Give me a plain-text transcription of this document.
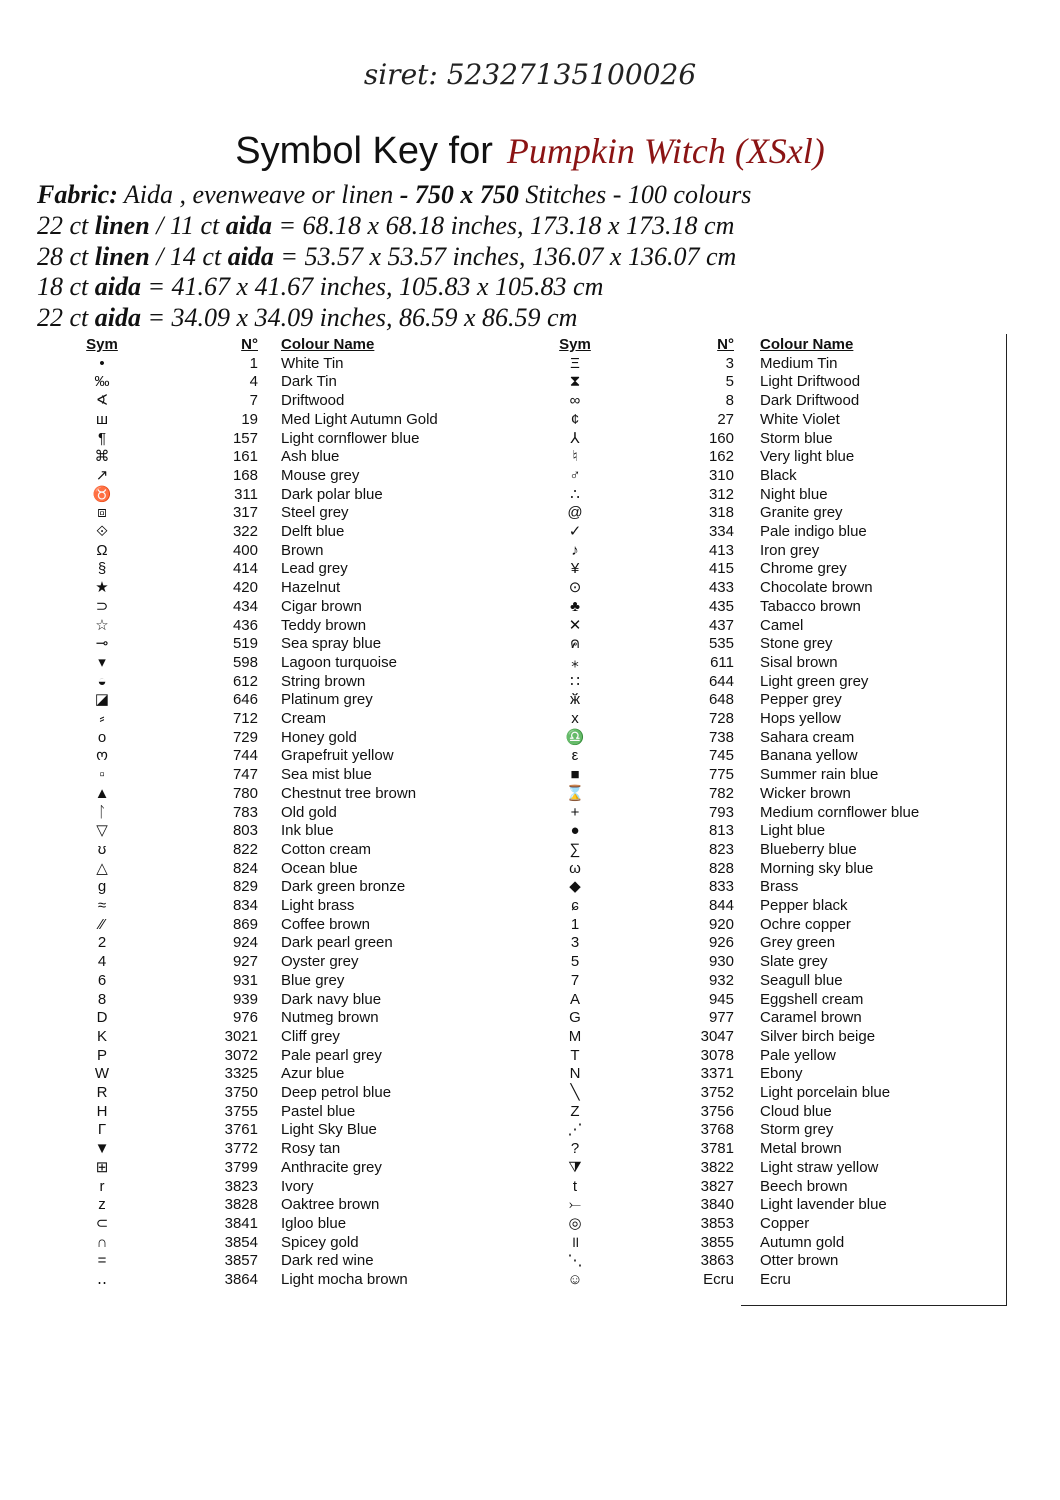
siret: 52327135100026
Symbol Key for Pumpkin Witch (XSxl)
Fabric: Aida , evenweave or linen - 750 x 750 Stitches - 100 colours
22 ct linen / 11 ct aida = 68.18 x 68.18 inches, 173.18 x 173.18 cm
28 ct linen / 14 ct aida = 53.57 x 53.57 inches, 136.07 x 136.07 cm
18 ct aida = 41.67 x 41.67 inches, 105.83 x 105.83 cm
22 ct aida = 34.09 x 34.09 inches, 86.59 x 86.59 cm
Sym	N° Colour Name	Sym	N° Colour Name
•	1 White Tin	Ξ	3 Medium Tin
‰	4 Dark Tin	⧗	5 Light Driftwood
∢	7 Driftwood	∞	8 Dark Driftwood
ш	19 Med Light Autumn Gold	¢	27 White Violet
¶	157 Light cornflower blue	⅄	160 Storm blue
⌘	161 Ash blue	♮	162 Very light blue
↗	168 Mouse grey	♂	310 Black
♉	311 Dark polar blue	∴	312 Night blue
⧈	317 Steel grey	@	318 Granite grey
⟐	322 Delft blue	✓	334 Pale indigo blue
Ω	400 Brown	♪	413 Iron grey
§	414 Lead grey	¥	415 Chrome grey
★	420 Hazelnut	⊙	433 Chocolate brown
⊃	434 Cigar brown	♣	435 Tabacco brown
☆	436 Teddy brown	✕	437 Camel
⊸	519 Sea spray blue	ค	535 Stone grey
▾	598 Lagoon turquoise	⁎	611 Sisal brown
◒	612 String brown	∷	644 Light green grey
◪	646 Platinum grey	ӂ	648 Pepper grey
⸗	712 Cream	x	728 Hops yellow
o	729 Honey gold	♎	738 Sahara cream
ო	744 Grapefruit yellow	ε	745 Banana yellow
▫	747 Sea mist blue	■	775 Summer rain blue
▲	780 Chestnut tree brown	⌛	782 Wicker brown
ᛚ	783 Old gold	+	793 Medium cornflower blue
▽	803 Ink blue	●	813 Light blue
ʊ	822 Cotton cream	∑	823 Blueberry blue
△	824 Ocean blue	ω	828 Morning sky blue
g	829 Dark green bronze	◆	833 Brass
≈	834 Light brass	ɕ	844 Pepper black
⁄⁄	869 Coffee brown	1	920 Ochre copper
2	924 Dark pearl green	3	926 Grey green
4	927 Oyster grey	5	930 Slate grey
6	931 Blue grey	7	932 Seagull blue
8	939 Dark navy blue	A	945 Eggshell cream
D	976 Nutmeg brown	G	977 Caramel brown
K	3021 Cliff grey	M	3047 Silver birch beige
P	3072 Pale pearl grey	T	3078 Pale yellow
W	3325 Azur blue	N	3371 Ebony
R	3750 Deep petrol blue	╲	3752 Light porcelain blue
H	3755 Pastel blue	Z	3756 Cloud blue
Γ	3761 Light Sky Blue	⋰	3768 Storm grey
▼	3772 Rosy tan	?	3781 Metal brown
⊞	3799 Anthracite grey	⧩	3822 Light straw yellow
r	3823 Ivory	t	3827 Beech brown
z	3828 Oaktree brown	⤚	3840 Light lavender blue
⊂	3841 Igloo blue	◎	3853 Copper
∩	3854 Spicey gold	॥	3855 Autumn gold
=	3857 Dark red wine	⋱	3863 Otter brown
‥	3864 Light mocha brown	☺	Ecru Ecru
